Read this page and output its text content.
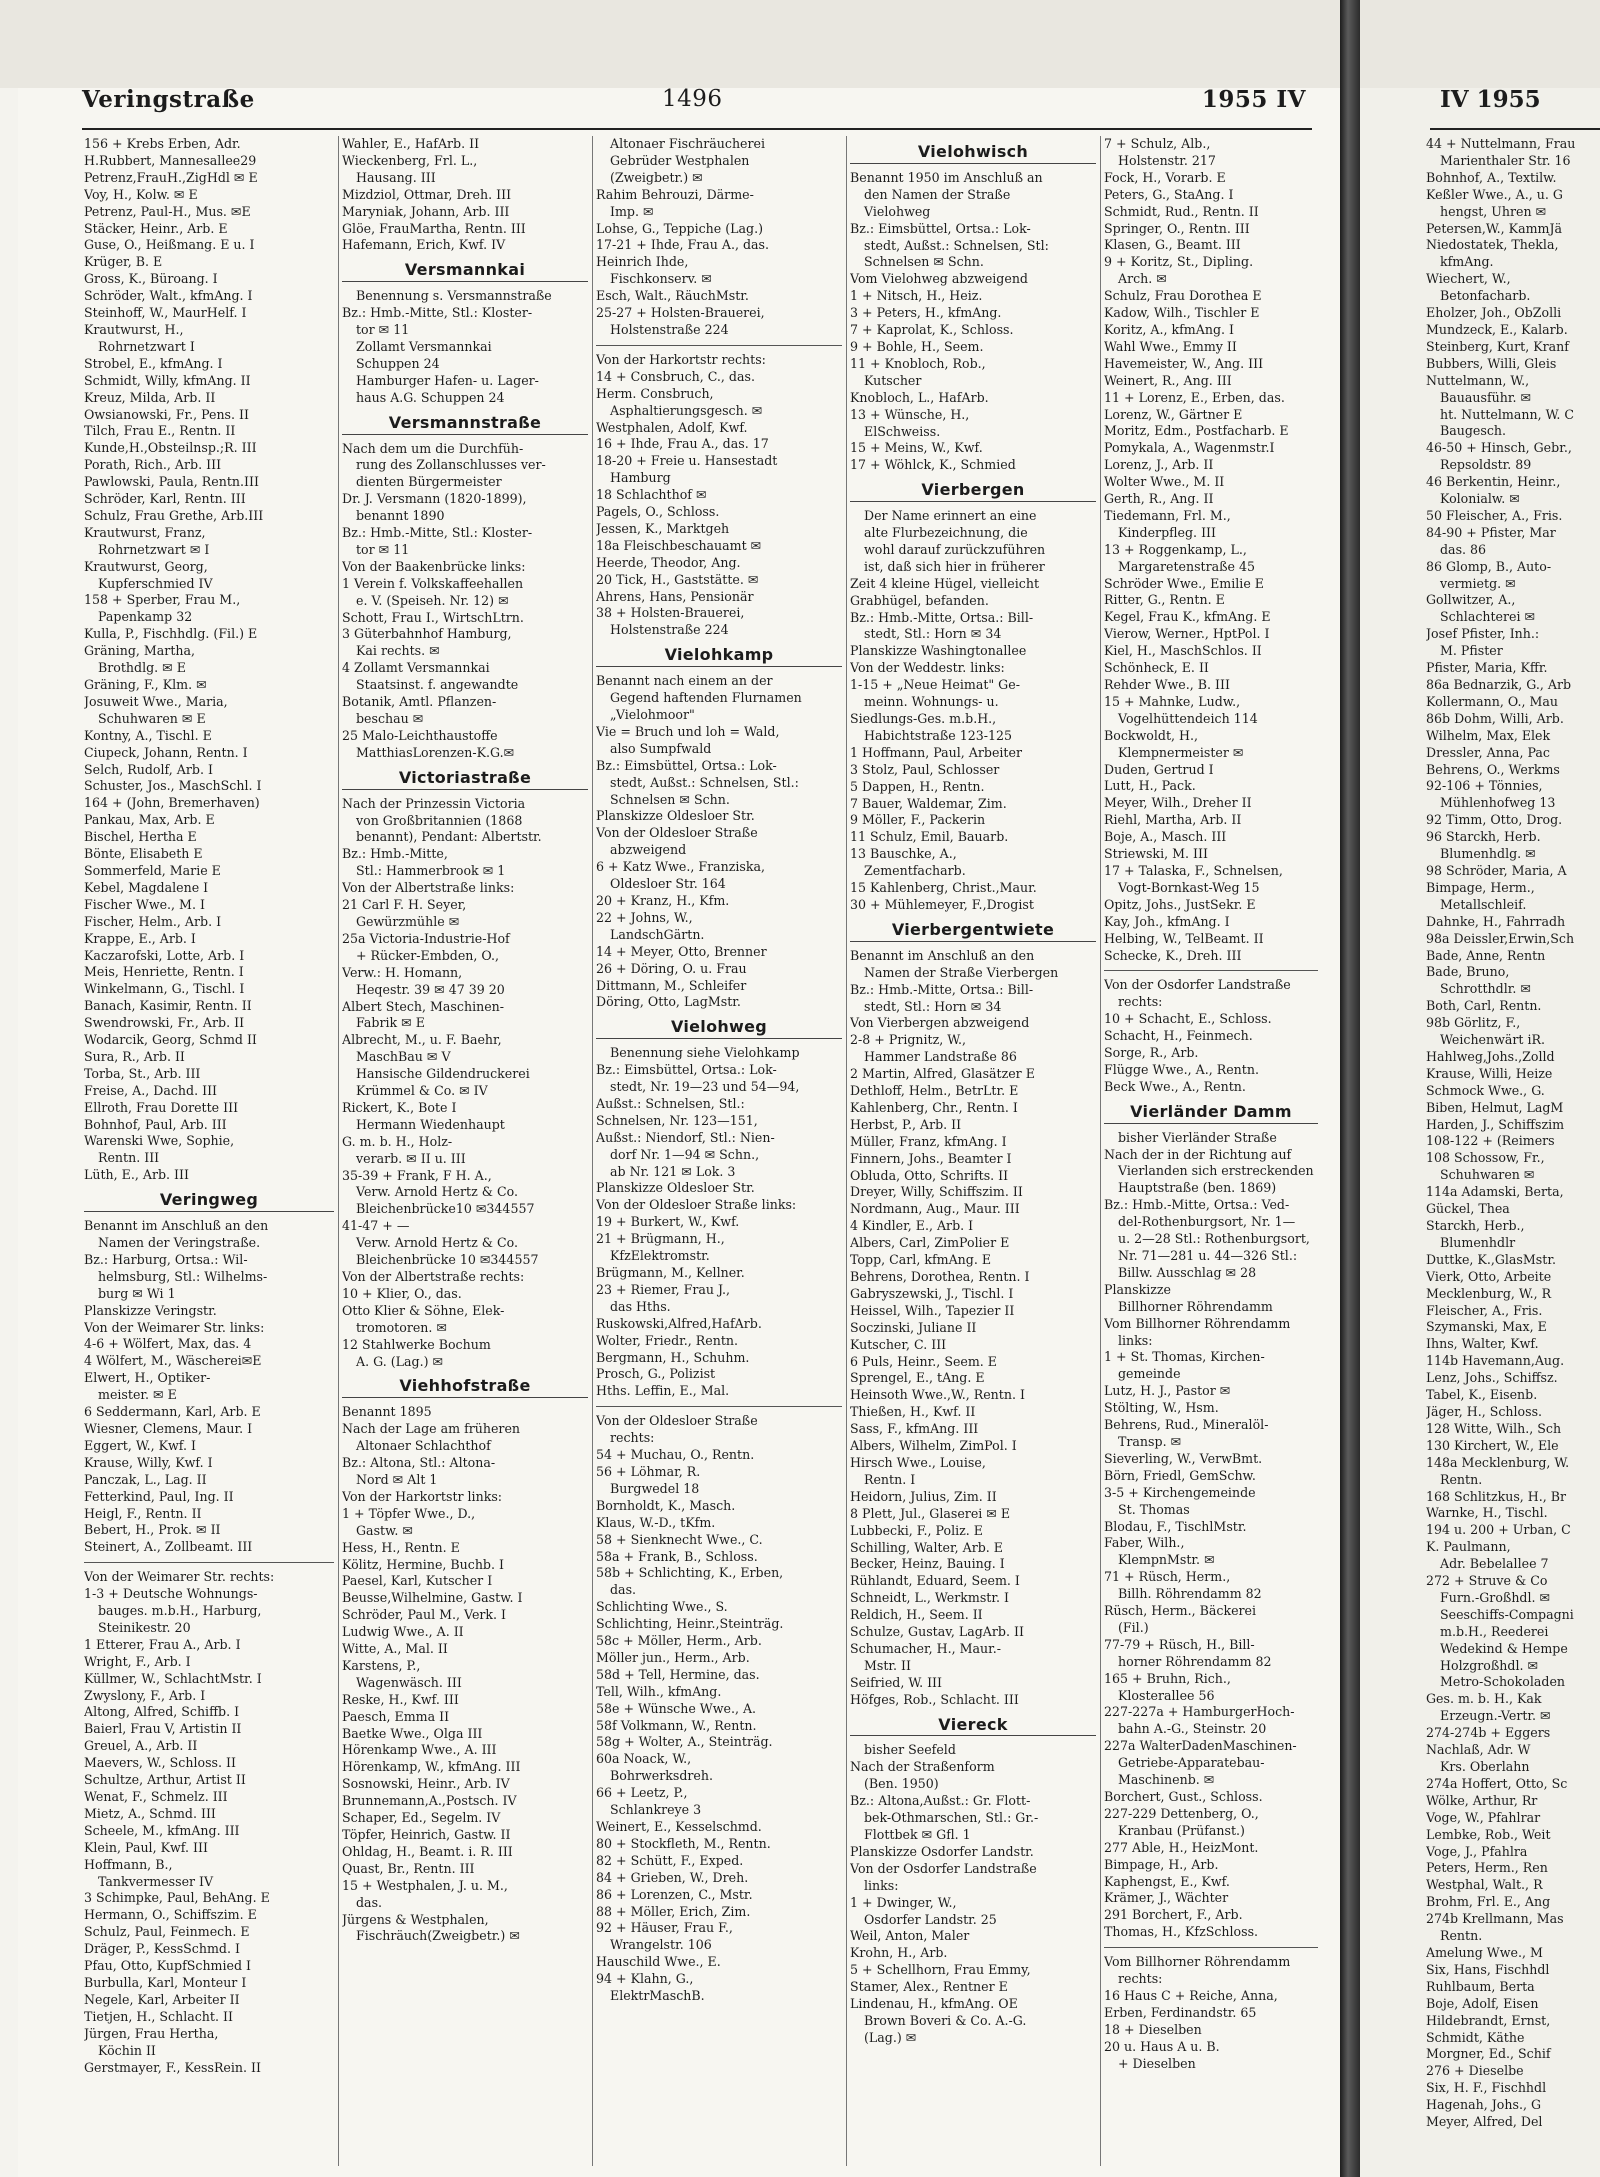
Veringstraße	1496	1955 IV
156 + Krebs Erben, Adr.
H.Rubbert, Mannesallee29
Petrenz,FrauH.,ZigHdl ✉ E
Voy, H., Kolw. ✉ E
Petrenz, Paul-H., Mus. ✉E
Stäcker, Heinr., Arb. E
Guse, O., Heißmang. E u. I
Krüger, B. E
Gross, K., Büroang. I
Schröder, Walt., kfmAng. I
Steinhoff, W., MaurHelf. I
Krautwurst, H.,
Rohrnetzwart I
Strobel, E., kfmAng. I
Schmidt, Willy, kfmAng. II
Kreuz, Milda, Arb. II
Owsianowski, Fr., Pens. II
Tilch, Frau E., Rentn. II
Kunde,H.,Obsteilnsp.;R. III
Porath, Rich., Arb. III
Pawlowski, Paula, Rentn.III
Schröder, Karl, Rentn. III
Schulz, Frau Grethe, Arb.III
Krautwurst, Franz,
Rohrnetzwart ✉ I
Krautwurst, Georg,
Kupferschmied IV
158 + Sperber, Frau M.,
Papenkamp 32
Kulla, P., Fischhdlg. (Fil.) E
Gräning, Martha,
Brothdlg. ✉ E
Gräning, F., Klm. ✉
Josuweit Wwe., Maria,
Schuhwaren ✉ E
Kontny, A., Tischl. E
Ciupeck, Johann, Rentn. I
Selch, Rudolf, Arb. I
Schuster, Jos., MaschSchl. I
164 + (John, Bremerhaven)
Pankau, Max, Arb. E
Bischel, Hertha E
Bönte, Elisabeth E
Sommerfeld, Marie E
Kebel, Magdalene I
Fischer Wwe., M. I
Fischer, Helm., Arb. I
Krappe, E., Arb. I
Kaczarofski, Lotte, Arb. I
Meis, Henriette, Rentn. I
Winkelmann, G., Tischl. I
Banach, Kasimir, Rentn. II
Swendrowski, Fr., Arb. II
Wodarcik, Georg, Schmd II
Sura, R., Arb. II
Torba, St., Arb. III
Freise, A., Dachd. III
Ellroth, Frau Dorette III
Bohnhof, Paul, Arb. III
Warenski Wwe, Sophie,
Rentn. III
Lüth, E., Arb. III
Veringweg
Benannt im Anschluß an den
Namen der Veringstraße.
Bz.: Harburg, Ortsa.: Wil-
helmsburg, Stl.: Wilhelms-
burg ✉ Wi 1
Planskizze Veringstr.
Von der Weimarer Str. links:
4-6 + Wölfert, Max, das. 4
4 Wölfert, M., Wäscherei✉E
Elwert, H., Optiker-
meister. ✉ E
6 Seddermann, Karl, Arb. E
Wiesner, Clemens, Maur. I
Eggert, W., Kwf. I
Krause, Willy, Kwf. I
Panczak, L., Lag. II
Fetterkind, Paul, Ing. II
Heigl, F., Rentn. II
Bebert, H., Prok. ✉ II
Steinert, A., Zollbeamt. III
Von der Weimarer Str. rechts:
1-3 + Deutsche Wohnungs-
baugеs. m.b.H., Harburg,
Steinikestr. 20
1 Etterer, Frau A., Arb. I
Wright, F., Arb. I
Küllmer, W., SchlachtMstr. I
Zwyslony, F., Arb. I
Altong, Alfred, Schiffb. I
Baierl, Frau V, Artistin II
Greuel, A., Arb. II
Maevers, W., Schloss. II
Schultze, Arthur, Artist II
Wenat, F., Schmelz. III
Mietz, A., Schmd. III
Scheele, M., kfmAng. III
Klein, Paul, Kwf. III
Hoffmann, B.,
Tankvermesser IV
3 Schimpke, Paul, BehAng. E
Hermann, O., Schiffszim. E
Schulz, Paul, Feinmech. E
Dräger, P., KessSchmd. I
Pfau, Otto, KupfSchmied I
Burbulla, Karl, Monteur I
Negele, Karl, Arbeiter II
Tietjen, H., Schlacht. II
Jürgen, Frau Hertha,
Köchin II
Gerstmayer, F., KessRein. II
Wahler, E., HafArb. II
Wieckenberg, Frl. L.,
Hausang. III
Mizdziol, Ottmar, Dreh. III
Maryniak, Johann, Arb. III
Glöe, FrauMartha, Rentn. III
Hafemann, Erich, Kwf. IV
Versmannkai
Benennung s. Versmannstraße
Bz.: Hmb.-Mitte, Stl.: Kloster-
tor ✉ 11
Zollamt Versmannkai
Schuppen 24
Hamburger Hafen- u. Lager-
haus A.G. Schuppen 24
Versmannstraße
Nach dem um die Durchfüh-
rung des Zollanschlusses ver-
dienten Bürgermeister
Dr. J. Versmann (1820-1899),
benannt 1890
Bz.: Hmb.-Mitte, Stl.: Kloster-
tor ✉ 11
Von der Baakenbrücke links:
1 Verein f. Volkskaffeehallen
e. V. (Speiseh. Nr. 12) ✉
Schott, Frau I., WirtschLtrn.
3 Güterbahnhof Hamburg,
Kai rechts. ✉
4 Zollamt Versmannkai
Staatsinst. f. angewandte
Botanik, Amtl. Pflanzen-
beschau ✉
25 Malo-Leichthaustoffe
MatthiasLorenzen-K.G.✉
Victoriastraße
Nach der Prinzessin Victoria
von Großbritannien (1868
benannt), Pendant: Albertstr.
Bz.: Hmb.-Mitte,
Stl.: Hammerbrook ✉ 1
Von der Albertstraße links:
21 Carl F. H. Seyer,
Gewürzmühle ✉
25a Victoria-Industrie-Hof
+ Rücker-Embden, O.,
Verw.: H. Homann,
Heqestr. 39 ✉ 47 39 20
Albert Stech, Maschinen-
Fabrik ✉ E
Albrecht, M., u. F. Baehr,
MaschBau ✉ V
Hansische Gildendruckerei
Krümmel & Co. ✉ IV
Rickert, K., Bote I
Hermann Wiedenhaupt
G. m. b. H., Holz-
verarb. ✉ II u. III
35-39 + Frank, F H. A.,
Verw. Arnold Hertz & Co.
Bleichenbrücke10 ✉344557
41-47 + —
Verw. Arnold Hertz & Co.
Bleichenbrücke 10 ✉344557
Von der Albertstraße rechts:
10 + Klier, O., das.
Otto Klier & Söhne, Elek-
tromotoren. ✉
12 Stahlwerke Bochum
A. G. (Lag.) ✉
Viehhofstraße
Benannt 1895
Nach der Lage am früheren
Altonaer Schlachthof
Bz.: Altona, Stl.: Altona-
Nord ✉ Alt 1
Von der Harkortstr links:
1 + Töpfer Wwe., D.,
Gastw. ✉
Hess, H., Rentn. E
Kölitz, Hermine, Buchb. I
Paesel, Karl, Kutscher I
Beusse,Wilhelmine, Gastw. I
Schröder, Paul M., Verk. I
Ludwig Wwe., A. II
Witte, A., Mal. II
Karstens, P.,
Wagenwäsch. III
Reske, H., Kwf. III
Paesch, Emma II
Baetke Wwe., Olga III
Hörenkamp Wwe., A. III
Hörenkamp, W., kfmAng. III
Sosnowski, Heinr., Arb. IV
Brunnemann,A.,Postsch. IV
Schaper, Ed., Segelm. IV
Töpfer, Heinrich, Gastw. II
Ohldag, H., Beamt. i. R. III
Quast, Br., Rentn. III
15 + Westphalen, J. u. M.,
das.
Jürgens & Westphalen,
Fischräuch(Zweigbetr.) ✉
Altonaer Fischräucherei
Gebrüder Westphalen
(Zweigbetr.) ✉
Rahim Behrouzi, Därme-
Imp. ✉
Lohse, G., Teppiche (Lag.)
17-21 + Ihde, Frau A., das.
Heinrich Ihde,
Fischkonserv. ✉
Esch, Walt., RäuchMstr.
25-27 + Holsten-Brauerei,
Holstenstraße 224
Von der Harkortstr rechts:
14 + Consbruch, C., das.
Herm. Consbruch,
Asphaltierungsgesch. ✉
Westphalen, Adolf, Kwf.
16 + Ihde, Frau A., das. 17
18-20 + Freie u. Hansestadt
Hamburg
18 Schlachthof ✉
Pagels, O., Schloss.
Jessen, K., Marktgeh
18a Fleischbeschauamt ✉
Heerde, Theodor, Ang.
20 Tick, H., Gaststätte. ✉
Ahrens, Hans, Pensionär
38 + Holsten-Brauerei,
Holstenstraße 224
Vielohkamp
Benannt nach einem an der
Gegend haftenden Flurnamen
„Vielohmoor"
Vie = Bruch und loh = Wald,
also Sumpfwald
Bz.: Eimsbüttel, Ortsa.: Lok-
stedt, Außst.: Schnelsen, Stl.:
Schnelsen ✉ Schn.
Planskizze Oldesloer Str.
Von der Oldesloer Straße
abzweigend
6 + Katz Wwe., Franziska,
Oldesloer Str. 164
20 + Kranz, H., Kfm.
22 + Johns, W.,
LandschGärtn.
14 + Meyer, Otto, Brenner
26 + Döring, O. u. Frau
Dittmann, M., Schleifer
Döring, Otto, LagMstr.
Vielohweg
Benennung siehe Vielohkamp
Bz.: Eimsbüttel, Ortsa.: Lok-
stedt, Nr. 19—23 und 54—94,
Außst.: Schnelsen, Stl.:
Schnelsen, Nr. 123—151,
Außst.: Niendorf, Stl.: Nien-
dorf Nr. 1—94 ✉ Schn.,
ab Nr. 121 ✉ Lok. 3
Planskizze Oldesloer Str.
Von der Oldesloer Straße links:
19 + Burkert, W., Kwf.
21 + Brügmann, H.,
KfzElektromstr.
Brügmann, M., Kellner.
23 + Riemer, Frau J.,
das Hths.
Ruskowski,Alfred,HafArb.
Wolter, Friedr., Rentn.
Bergmann, H., Schuhm.
Prosch, G., Polizist
Hths. Leffin, E., Mal.
Von der Oldesloer Straße
rechts:
54 + Muchau, O., Rentn.
56 + Löhmar, R.
Burgwedel 18
Bornholdt, K., Masch.
Klaus, W.-D., tKfm.
58 + Sienknecht Wwe., C.
58a + Frank, B., Schloss.
58b + Schlichting, K., Erben,
das.
Schlichting Wwe., S.
Schlichting, Heinr.,Steinträg.
58c + Möller, Herm., Arb.
Möller jun., Herm., Arb.
58d + Tell, Hermine, das.
Tell, Wilh., kfmAng.
58e + Wünsche Wwe., A.
58f Volkmann, W., Rentn.
58g + Wolter, A., Steinträg.
60a Noack, W.,
Bohrwerksdreh.
66 + Leetz, P.,
Schlankreye 3
Weinert, E., Kesselschmd.
80 + Stockfleth, M., Rentn.
82 + Schütt, F., Exped.
84 + Grieben, W., Dreh.
86 + Lorenzen, C., Mstr.
88 + Möller, Erich, Zim.
92 + Häuser, Frau F.,
Wrangelstr. 106
Hauschild Wwe., E.
94 + Klahn, G.,
ElektrMaschB.
Vielohwisch
Benannt 1950 im Anschluß an
den Namen der Straße
Vielohweg
Bz.: Eimsbüttel, Ortsa.: Lok-
stedt, Außst.: Schnelsen, Stl:
Schnelsen ✉ Schn.
Vom Vielohweg abzweigend
1 + Nitsch, H., Heiz.
3 + Peters, H., kfmAng.
7 + Kaprolat, K., Schloss.
9 + Bohle, H., Seem.
11 + Knobloch, Rob.,
Kutscher
Knobloch, L., HafArb.
13 + Wünsche, H.,
ElSchweiss.
15 + Meins, W., Kwf.
17 + Wöhlck, K., Schmied
Vierbergen
Der Name erinnert an eine
alte Flurbezeichnung, die
wohl darauf zurückzuführen
ist, daß sich hier in früherer
Zeit 4 kleine Hügel, vielleicht
Grabhügel, befanden.
Bz.: Hmb.-Mitte, Ortsa.: Bill-
stedt, Stl.: Horn ✉ 34
Planskizze Washingtonallee
Von der Weddestr. links:
1-15 + „Neue Heimat" Ge-
meinn. Wohnungs- u.
Siedlungs-Ges. m.b.H.,
Habichtstraße 123-125
1 Hoffmann, Paul, Arbeiter
3 Stolz, Paul, Schlosser
5 Dappen, H., Rentn.
7 Bauer, Waldemar, Zim.
9 Möller, F., Packerin
11 Schulz, Emil, Bauarb.
13 Bauschke, A.,
Zementfacharb.
15 Kahlenberg, Christ.,Maur.
30 + Mühlemeyer, F.,Drogist
Vierbergentwiete
Benannt im Anschluß an den
Namen der Straße Vierbergen
Bz.: Hmb.-Mitte, Ortsa.: Bill-
stedt, Stl.: Horn ✉ 34
Von Vierbergen abzweigend
2-8 + Prignitz, W.,
Hammer Landstraße 86
2 Martin, Alfred, Glasätzer E
Dethloff, Helm., BetrLtr. E
Kahlenberg, Chr., Rentn. I
Herbst, P., Arb. II
Müller, Franz, kfmAng. I
Finnern, Johs., Beamter I
Obluda, Otto, Schrifts. II
Dreyer, Willy, Schiffszim. II
Nordmann, Aug., Maur. III
4 Kindler, E., Arb. I
Albers, Carl, ZimPolier E
Topp, Carl, kfmAng. E
Behrens, Dorothea, Rentn. I
Gabryszewski, J., Tischl. I
Heissel, Wilh., Tapezier II
Soczinski, Juliane II
Kutscher, C. III
6 Puls, Heinr., Seem. E
Sprengel, E., tAng. E
Heinsoth Wwe.,W., Rentn. I
Thießen, H., Kwf. II
Sass, F., kfmAng. III
Albers, Wilhelm, ZimPol. I
Hirsch Wwe., Louise,
Rentn. I
Heidorn, Julius, Zim. II
8 Plett, Jul., Glaserei ✉ E
Lubbecki, F., Poliz. E
Schilling, Walter, Arb. E
Becker, Heinz, Bauing. I
Rühlandt, Eduard, Seem. I
Schneidt, L., Werkmstr. I
Reldich, H., Seem. II
Schulze, Gustav, LagArb. II
Schumacher, H., Maur.-
Mstr. II
Seifried, W. III
Höfges, Rob., Schlacht. III
Viereck
bisher Seefeld
Nach der Straßenform
(Ben. 1950)
Bz.: Altona,Außst.: Gr. Flott-
bek-Othmarschen, Stl.: Gr.-
Flottbek ✉ Gfl. 1
Planskizze Osdorfer Landstr.
Von der Osdorfer Landstraße
links:
1 + Dwinger, W.,
Osdorfer Landstr. 25
Weil, Anton, Maler
Krohn, H., Arb.
5 + Schellhorn, Frau Emmy,
Stamer, Alex., Rentner E
Lindenau, H., kfmAng. OE
Brown Boveri & Co. A.-G.
(Lag.) ✉
7 + Schulz, Alb.,
Holstenstr. 217
Fock, H., Vorarb. E
Peters, G., StaAng. I
Schmidt, Rud., Rentn. II
Springer, O., Rentn. III
Klasen, G., Beamt. III
9 + Koritz, St., Dipling.
Arch. ✉
Schulz, Frau Dorothea E
Kadow, Wilh., Tischler E
Koritz, A., kfmAng. I
Wahl Wwe., Emmy II
Havemeister, W., Ang. III
Weinert, R., Ang. III
11 + Lorenz, E., Erben, das.
Lorenz, W., Gärtner E
Moritz, Edm., Postfacharb. E
Pomykala, A., Wagenmstr.I
Lorenz, J., Arb. II
Wolter Wwe., M. II
Gerth, R., Ang. II
Tiedemann, Frl. M.,
Kinderpfleg. III
13 + Roggenkamp, L.,
Margaretenstraße 45
Schröder Wwe., Emilie E
Ritter, G., Rentn. E
Kegel, Frau K., kfmAng. E
Vierow, Werner., HptPol. I
Kiel, H., MaschSchlos. II
Schönheck, E. II
Rehder Wwe., B. III
15 + Mahnke, Ludw.,
Vogelhüttendeich 114
Bockwoldt, H.,
Klempnermeister ✉
Duden, Gertrud I
Lutt, H., Pack.
Meyer, Wilh., Dreher II
Riehl, Martha, Arb. II
Boje, A., Masch. III
Striewski, M. III
17 + Talaska, F., Schnelsen,
Vogt-Bornkast-Weg 15
Opitz, Johs., JustSekr. E
Kay, Joh., kfmAng. I
Helbing, W., TelBeamt. II
Schecke, K., Dreh. III
Von der Osdorfer Landstraße
rechts:
10 + Schacht, E., Schloss.
Schacht, H., Feinmech.
Sorge, R., Arb.
Flügge Wwe., A., Rentn.
Beck Wwe., A., Rentn.
Vierländer Damm
bisher Vierländer Straße
Nach der in der Richtung auf
Vierlanden sich erstreckenden
Hauptstraße (ben. 1869)
Bz.: Hmb.-Mitte, Ortsa.: Ved-
del-Rothenburgsort, Nr. 1—
u. 2—28 Stl.: Rothenburgsort,
Nr. 71—281 u. 44—326 Stl.:
Billw. Ausschlag ✉ 28
Planskizze
Billhorner Röhrendamm
Vom Billhorner Röhrendamm
links:
1 + St. Thomas, Kirchen-
gemeinde
Lutz, H. J., Pastor ✉
Stölting, W., Hsm.
Behrens, Rud., Mineralöl-
Transp. ✉
Sieverling, W., VerwBmt.
Börn, Friedl, GemSchw.
3-5 + Kirchengemeinde
St. Thomas
Blodau, F., TischlMstr.
Faber, Wilh.,
KlempnMstr. ✉
71 + Rüsch, Herm.,
Billh. Röhrendamm 82
Rüsch, Herm., Bäckerei
(Fil.)
77-79 + Rüsch, H., Bill-
horner Röhrendamm 82
165 + Bruhn, Rich.,
Klosterallee 56
227-227a + HamburgerHoch-
bahn A.-G., Steinstr. 20
227a WalterDadenMaschinen-
Getriebe-Apparatebau-
Maschinenb. ✉
Borchert, Gust., Schloss.
227-229 Dettenberg, O.,
Kranbau (Prüfanst.)
277 Able, H., HeizMont.
Bimpage, H., Arb.
Kaphengst, E., Kwf.
Krämer, J., Wächter
291 Borchert, F., Arb.
Thomas, H., KfzSchloss.
Vom Billhorner Röhrendamm
rechts:
16 Haus C + Reiche, Anna,
Erben, Ferdinandstr. 65
18 + Dieselben
20 u. Haus A u. B.
+ Dieselben
IV 1955
44 + Nuttelmann, Frau
Marienthaler Str. 16
Bohnhof, A., Textilw.
Keßler Wwe., A., u. G
hengst, Uhren ✉
Petersen,W., KammJä
Niedostatek, Thekla,
kfmAng.
Wiechert, W.,
Betonfacharb.
Eholzer, Joh., ObZolli
Mundzeck, E., Kalarb.
Steinberg, Kurt, Kranf
Bubbers, Willi, Gleis
Nuttelmann, W.,
Bauausführ. ✉
ht. Nuttelmann, W. C
Baugesch.
46-50 + Hinsch, Gebr.,
Repsoldstr. 89
46 Berkentin, Heinr.,
Kolonialw. ✉
50 Fleischer, A., Fris.
84-90 + Pfister, Mar
das. 86
86 Glomp, B., Auto-
vermietg. ✉
Gollwitzer, A.,
Schlachterei ✉
Josef Pfister, Inh.:
M. Pfister
Pfister, Maria, Kffr.
86a Bednarzik, G., Arb
Kollermann, O., Mau
86b Dohm, Willi, Arb.
Wilhelm, Max, Elek
Dressler, Anna, Pac
Behrens, O., Werkms
92-106 + Tönnies,
Mühlenhofweg 13
92 Timm, Otto, Drog.
96 Starckh, Herb.
Blumenhdlg. ✉
98 Schröder, Maria, A
Bimpage, Herm.,
Metallschleif.
Dahnke, H., Fahrradh
98a Deissler,Erwin,Sch
Bade, Anne, Rentn
Bade, Bruno,
Schrotthdlr. ✉
Both, Carl, Rentn.
98b Görlitz, F.,
Weichenwärt iR.
Hahlweg,Johs.,Zolld
Krause, Willi, Heize
Schmock Wwe., G.
Biben, Helmut, LagM
Harden, J., Schiffszim
108-122 + (Reimers
108 Schossow, Fr.,
Schuhwaren ✉
114a Adamski, Berta,
Gückel, Thea
Starckh, Herb.,
Blumenhdlr
Duttke, K.,GlasMstr.
Vierk, Otto, Arbeite
Mecklenburg, W., R
Fleischer, A., Fris.
Szymanski, Max, E
Ihns, Walter, Kwf.
114b Havemann,Aug.
Lenz, Johs., Schiffsz.
Tabel, K., Eisenb.
Jäger, H., Schloss.
128 Witte, Wilh., Sch
130 Kirchert, W., Ele
148a Mecklenburg, W.
Rentn.
168 Schlitzkus, H., Br
Warnke, H., Tischl.
194 u. 200 + Urban, C
K. Paulmann,
Adr. Bebelallee 7
272 + Struve & Co
Furn.-Großhdl. ✉
Seeschiffs-Compagni
m.b.H., Reederei
Wedekind & Hempe
Holzgroßhdl. ✉
Metro-Schokoladen
Ges. m. b. H., Kak
Erzeugn.-Vertr. ✉
274-274b + Eggers
Nachlaß, Adr. W
Krs. Oberlahn
274a Hoffert, Otto, Sc
Wölke, Arthur, Rr
Voge, W., Pfahlrar
Lembke, Rob., Weit
Voge, J., Pfahlra
Peters, Herm., Ren
Westphal, Walt., R
Brohm, Frl. E., Ang
274b Krellmann, Mas
Rentn.
Amelung Wwe., M
Six, Hans, Fischhdl
Ruhlbaum, Berta
Boje, Adolf, Eisen
Hildebrandt, Ernst,
Schmidt, Käthe
Morgner, Ed., Schif
276 + Dieselbe
Six, H. F., Fischhdl
Hagenah, Johs., G
Meyer, Alfred, Del
